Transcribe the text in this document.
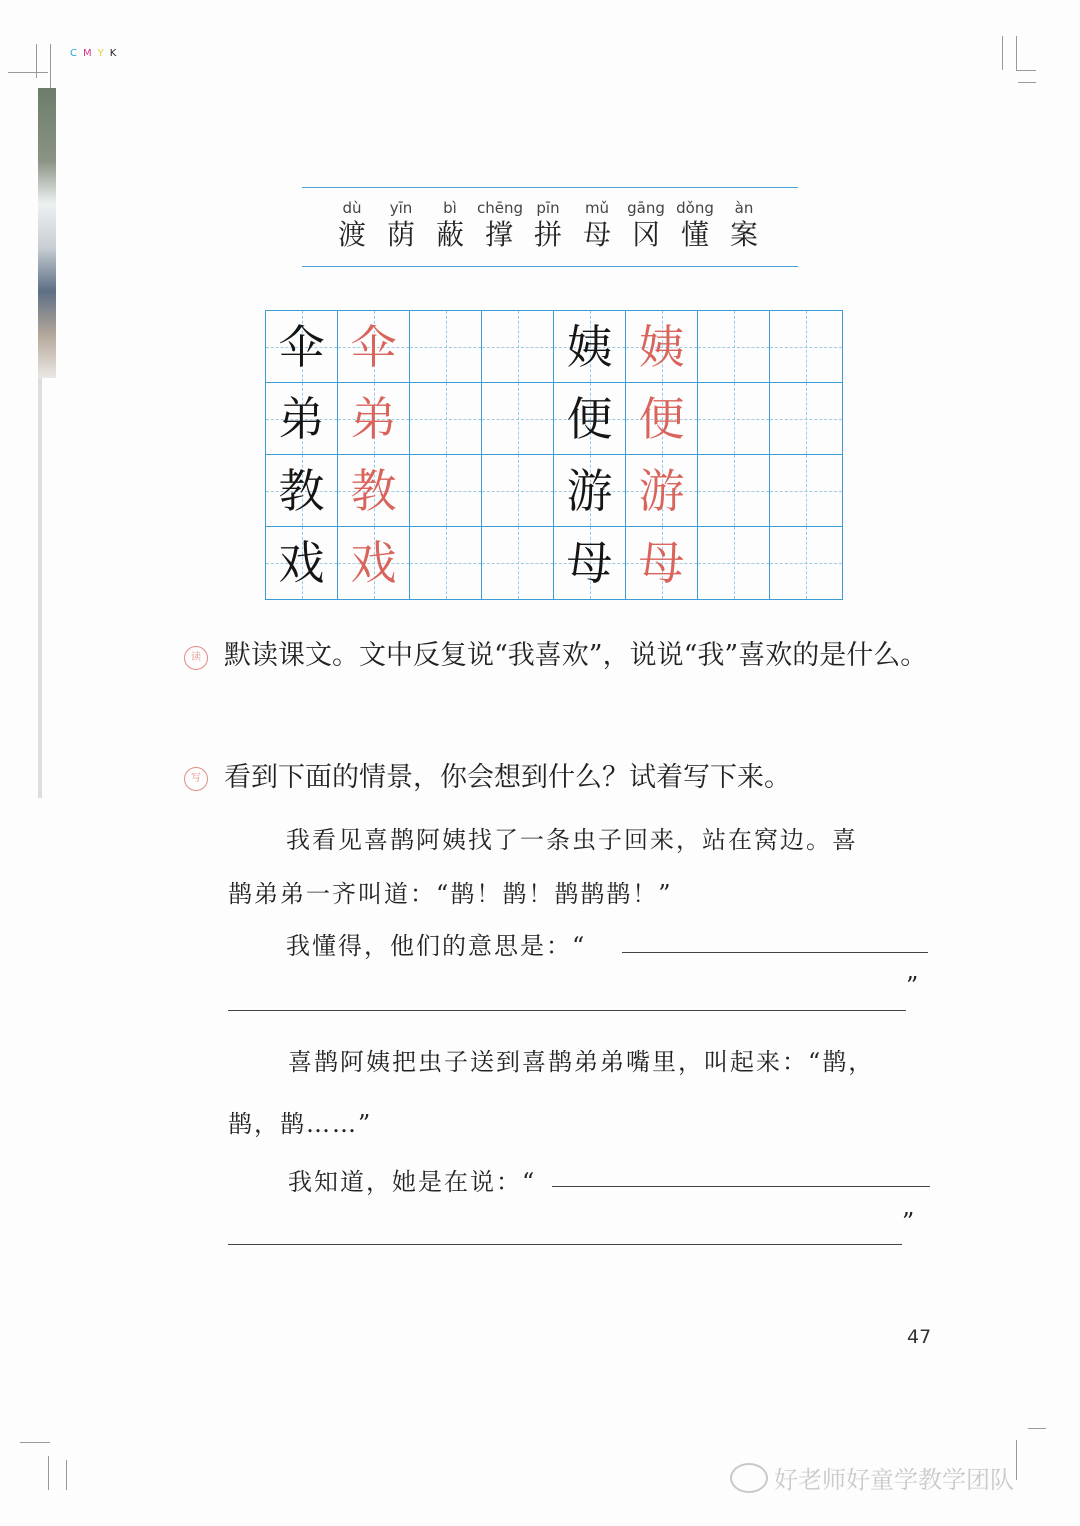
CMYK
dù
渡
yīn
荫
bì
蔽
chēng
撑
pīn
拼
mǔ
母
gāng
冈
dǒng
懂
àn
案
伞 伞	姨 姨
弟 弟	便 便
教 教	游 游
戏 戏	母 母
读 默读课文。文中反复说“我喜欢”，说说“我”喜欢的是什么。
写 看到下面的情景，你会想到什么？试着写下来。
我看见喜鹊阿姨找了一条虫子回来，站在窝边。喜
鹊弟弟一齐叫道：“鹊！鹊！鹊鹊鹊！”
我懂得，他们的意思是：“
”
喜鹊阿姨把虫子送到喜鹊弟弟嘴里，叫起来：“鹊，
鹊，鹊……”
我知道，她是在说：“
”
47
好老师好童学教学团队
